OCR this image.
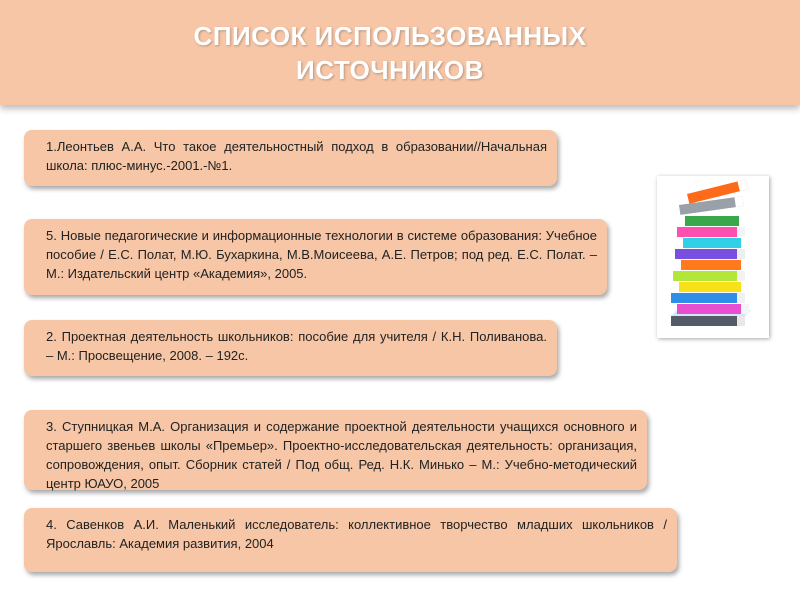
СПИСОК ИСПОЛЬЗОВАННЫХ ИСТОЧНИКОВ

1.Леонтьев А.А. Что такое деятельностный подход в образовании//Начальная школа: плюс-минус.-2001.-№1.

5. Новые педагогические и информационные технологии в системе образования: Учебное пособие / Е.С. Полат, М.Ю. Бухаркина, М.В.Моисеева, А.Е. Петров; под ред. Е.С. Полат. – М.: Издательский центр «Академия», 2005.

2. Проектная деятельность школьников: пособие для учителя / К.Н. Поливанова. – М.: Просвещение, 2008. – 192с.

3. Ступницкая М.А. Организация и содержание проектной деятельности учащихся основного и старшего звеньев школы «Премьер». Проектно-исследовательская деятельность: организация, сопровождения, опыт. Сборник статей / Под общ. Ред. Н.К. Минько – М.: Учебно-методический центр ЮАУО, 2005

4. Савенков А.И. Маленький исследователь: коллективное творчество младших школьников / Ярославль: Академия развития, 2004
